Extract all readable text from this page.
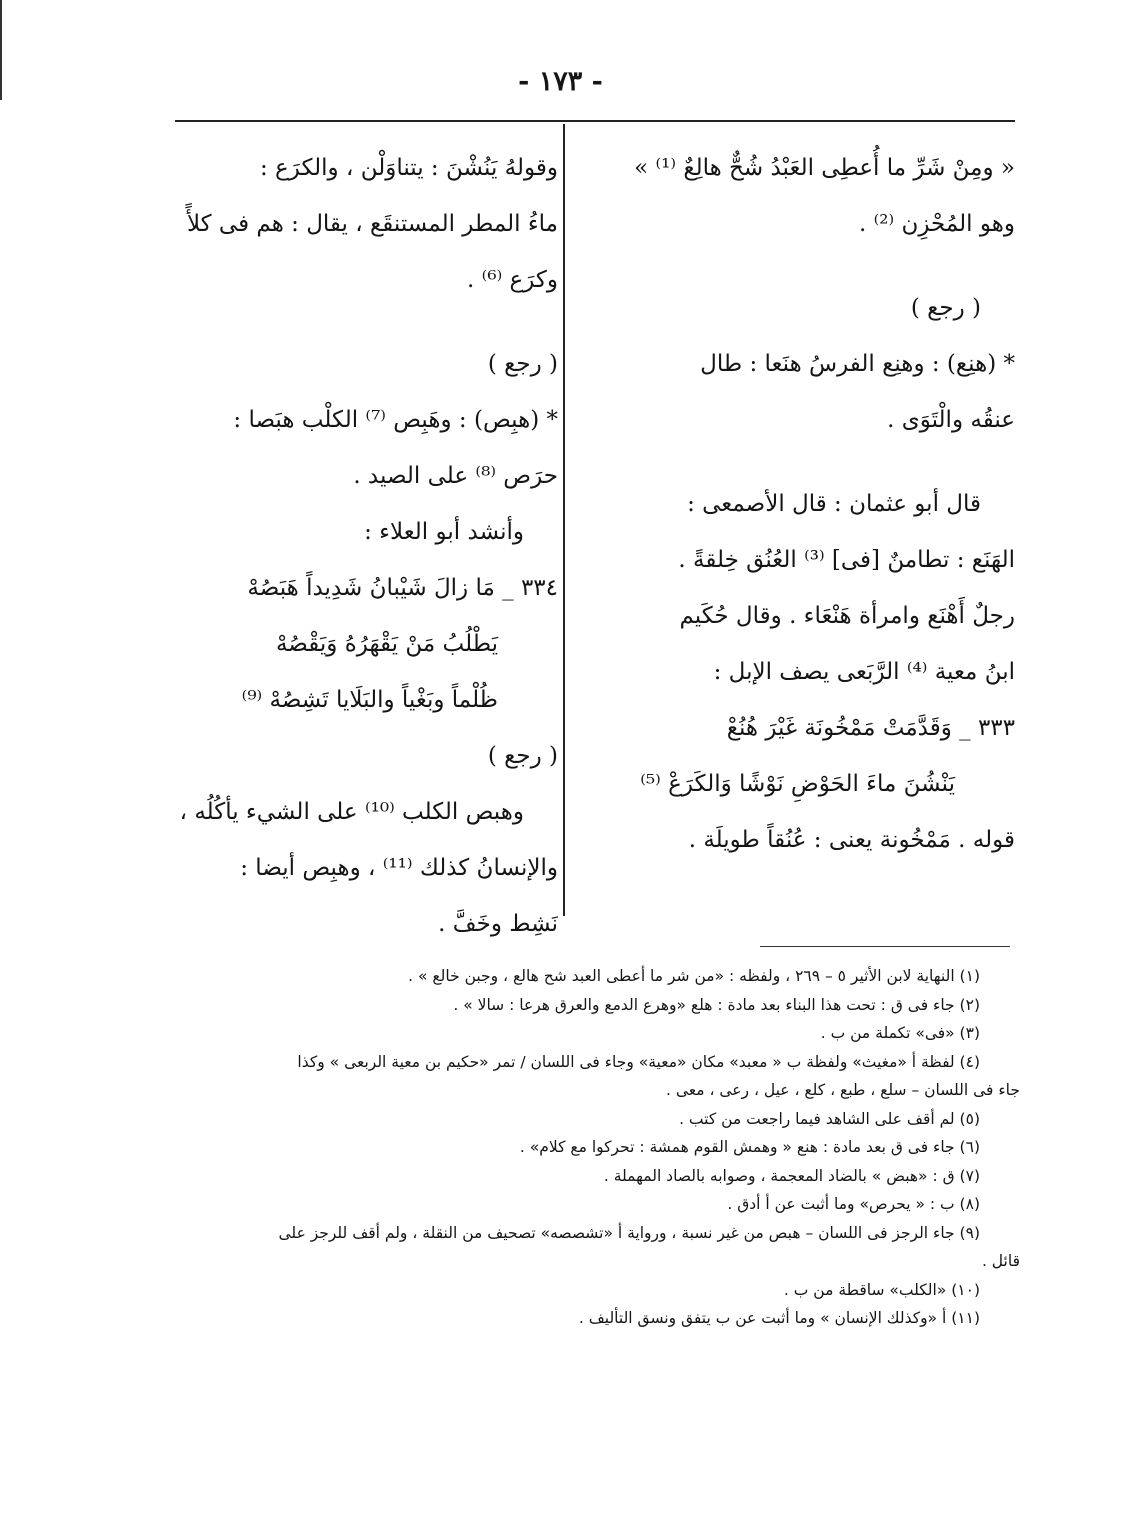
- ١٧٣ -

« ومِنْ شَرِّ ما أُعطِى العَبْدُ شُحٌّ هالِعٌ ⁽¹⁾ »

وهو المُحْزِن ⁽²⁾ .

( رجع )

* (هنِع) : وهنِع الفرسُ هنَعا : طال

عنقُه والْتَوَى .

قال أبو عثمان : قال الأصمعى :

الهَنَع : تطامنٌ [فى] ⁽³⁾ العُنُق خِلقةً .

رجلٌ أَهْنَع وامرأة هَنْعَاء . وقال حُكَيم

ابنُ معية ⁽⁴⁾ الرَّبَعى يصف الإبل :

٣٣٣ _ وَقَدَّمَتْ مَمْخُونَة غَيْرَ هُنُعْ

يَنْشُنَ ماءَ الحَوْضِ نَوْشًا وَالكَرَعْ ⁽⁵⁾

قوله . مَمْخُونة يعنى : عُنُقاً طويلَة .

وقولهُ يَنُشْنَ : يتناوَلْن ، والكرَع :

ماءُ المطر المستنقَع ، يقال : هم فى كلأً

وكرَع ⁽⁶⁾ .

( رجع )

* (هبِص) : وهَبِص ⁽⁷⁾ الكلْب هبَصا :

حرَص ⁽⁸⁾ على الصيد .

وأنشد أبو العلاء :

٣٣٤ _ مَا زالَ شَيْبانُ شَدِيداً هَبَصُهْ

يَطْلُبُ مَنْ يَقْهَرُهُ وَيَقْصُهْ

ظُلْماً وبَغْياً والبَلَايا تَشِصُهْ ⁽⁹⁾

( رجع )

وهبص الكلب ⁽¹⁰⁾ على الشيء يأكُلُه ،

والإنسانُ كذلك ⁽¹¹⁾ ، وهبِص أيضا :

نَشِط وخَفَّ .

(١) النهاية لابن الأثير ٥ – ٢٦٩ ، ولفظه : «من شر ما أعطى العبد شح هالع ، وجبن خالع » .

(٢) جاء فى ق : تحت هذا البناء بعد مادة : هلع «وهرع الدمع والعرق هرعا : سالا » .

(٣) «فى» تكملة من ب .

(٤) لفظة أ «مغيث» ولفظة ب « معبد» مكان «معية» وجاء فى اللسان / تمر «حكيم بن معية الربعى » وكذا

جاء فى اللسان – سلع ، طبع ، كلع ، عيل ، رعى ، معى .

(٥) لم أقف على الشاهد فيما راجعت من كتب .

(٦) جاء فى ق بعد مادة : هنع « وهمش القوم همشة : تحركوا مع كلام» .

(٧) ق : «هبض » بالضاد المعجمة ، وصوابه بالصاد المهملة .

(٨) ب : « يحرص» وما أثبت عن أ أدق .

(٩) جاء الرجز فى اللسان – هبص من غير نسبة ، ورواية أ «تشصصه» تصحيف من النقلة ، ولم أقف للرجز على

قائل .

(١٠) «الكلب» ساقطة من ب .

(١١) أ «وكذلك الإنسان » وما أثبت عن ب يتفق ونسق التأليف .
